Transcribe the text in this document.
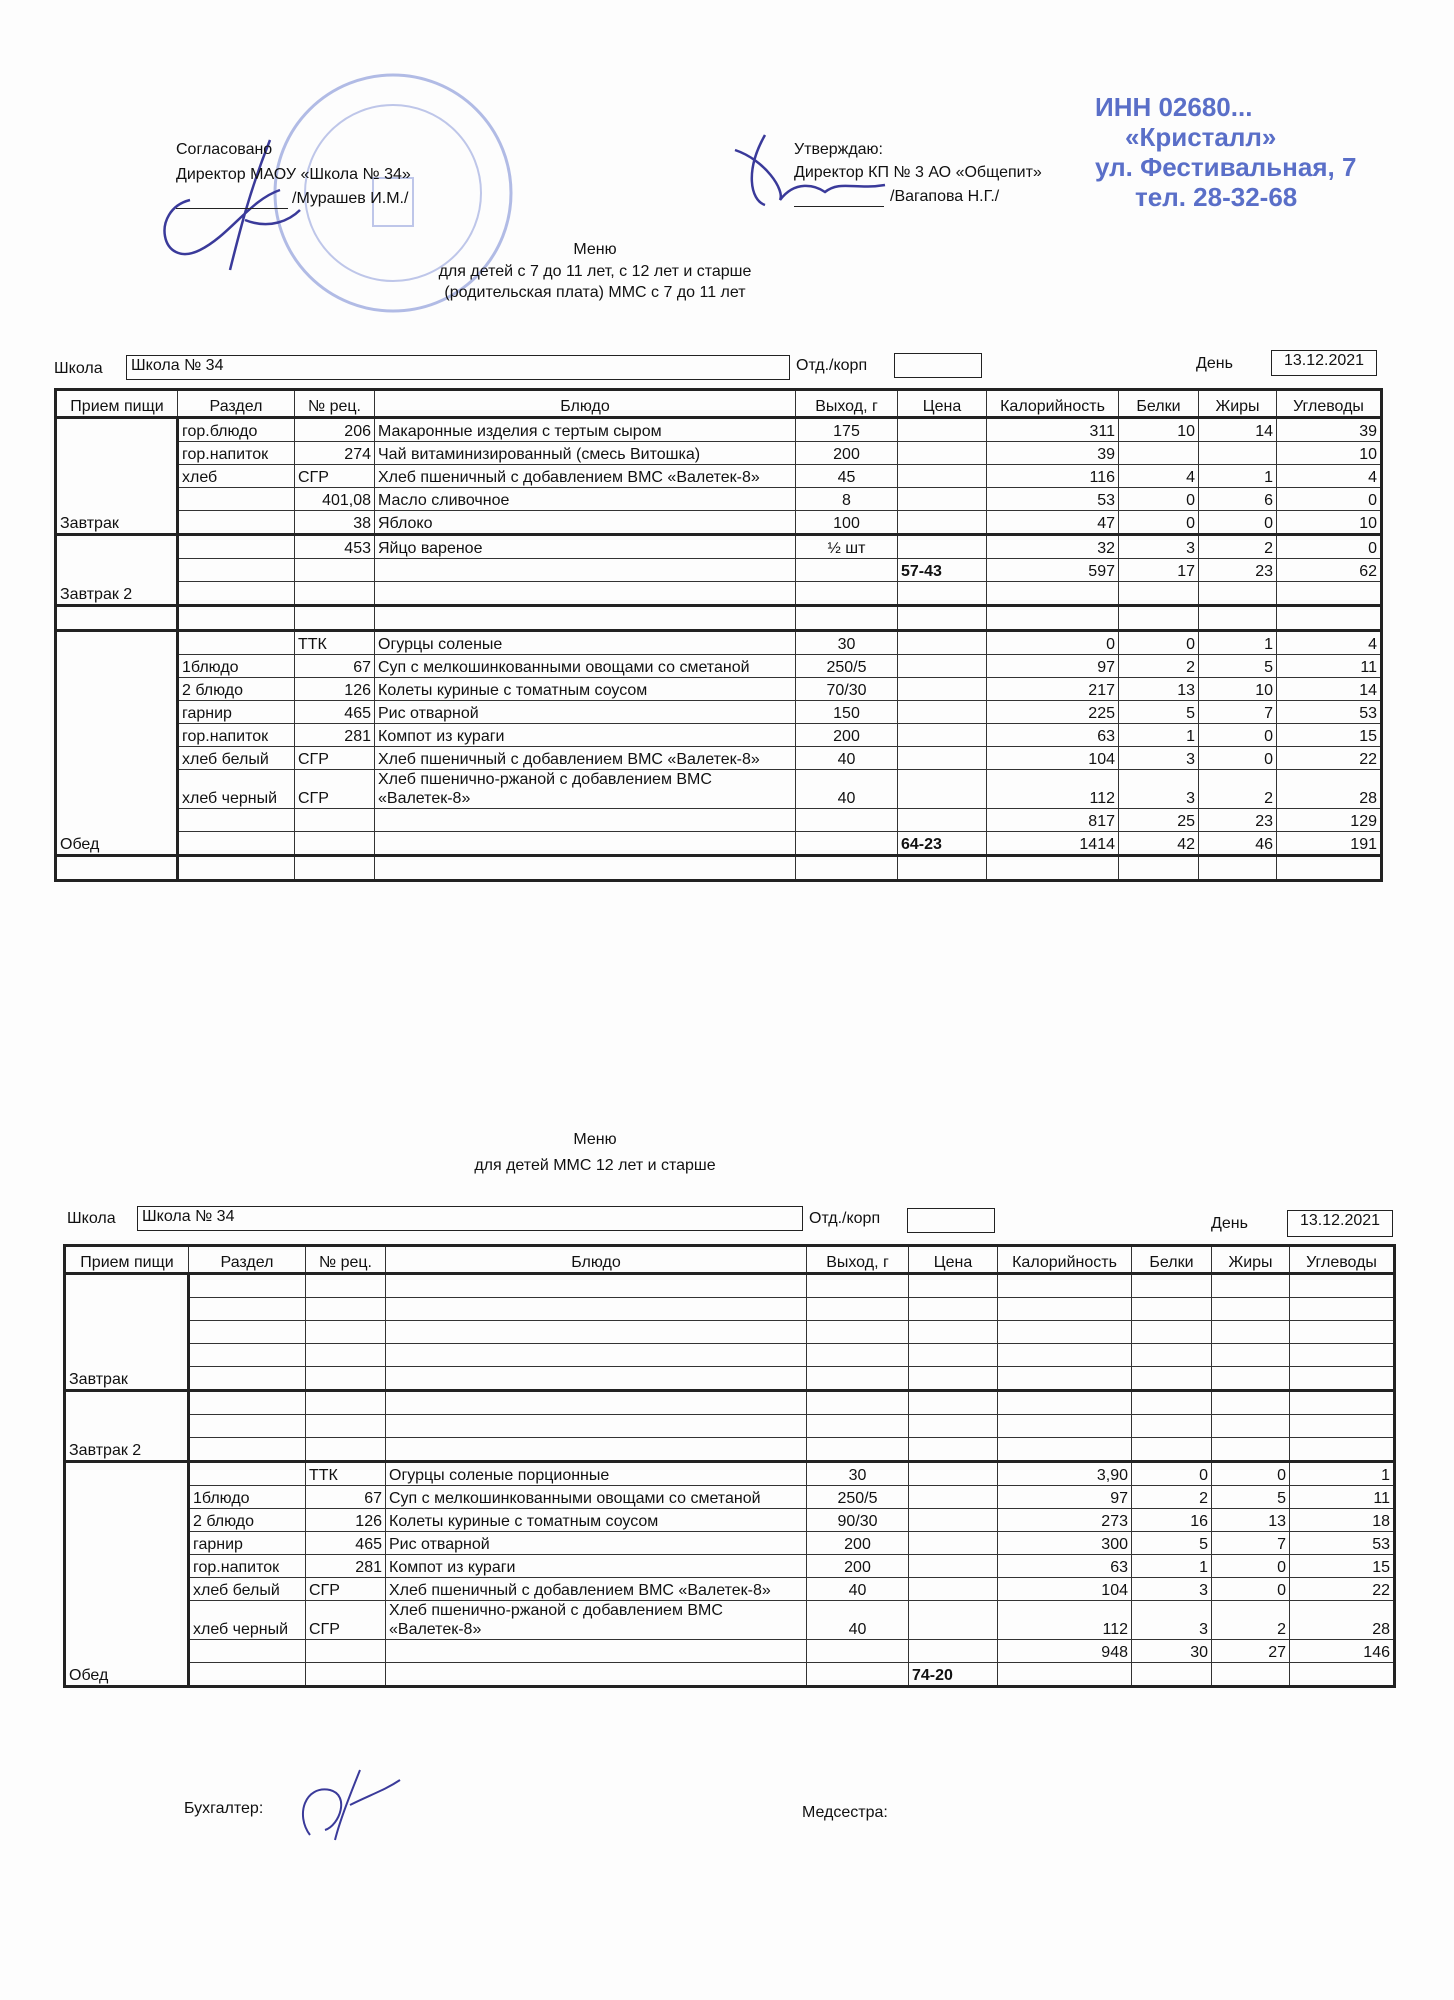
Согласовано
Директор МАОУ «Школа № 34»
/Мурашев И.М./
ИНН 02680...
«Кристалл»
ул. Фестивальная, 7
тел. 28-32-68
Утверждаю:
Директор КП № 3 АО «Общепит»
/Вагапова Н.Г./
Меню
для детей с 7 до 11 лет, с 12 лет и старше
(родительская плата) ММС с 7 до 11 лет
Школа	Школа № 34	Отд./корп	День	13.12.2021
Прием пищи	Раздел	№ рец.	Блюдо	Выход, г	Цена	Калорийность	Белки	Жиры	Углеводы
Завтрак	гор.блюдо	206	Макаронные изделия с тертым сыром	175		311	10	14	39
	гор.напиток	274	Чай витаминизированный (смесь Витошка)	200		39			10
	хлеб	СГР	Хлеб пшеничный с добавлением ВМС «Валетек-8»	45		116	4	1	4
		401,08	Масло сливочное	8		53	0	6	0
		38	Яблоко	100		47	0	0	10
Завтрак 2		453	Яйцо вареное	½ шт		32	3	2	0
					57-43	597	17	23	62

Обед		ТТК	Огурцы соленые	30		0	0	1	4
	1блюдо	67	Суп с мелкошинкованными овощами со сметаной	250/5		97	2	5	11
	2 блюдо	126	Колеты куриные с томатным соусом	70/30		217	13	10	14
	гарнир	465	Рис отварной	150		225	5	7	53
	гор.напиток	281	Компот из кураги	200		63	1	0	15
	хлеб белый	СГР	Хлеб пшеничный с добавлением ВМС «Валетек-8»	40		104	3	0	22
	хлеб черный	СГР	Хлеб пшенично-ржаной с добавлением ВМС «Валетек-8»	40		112	3	2	28
						817	25	23	129
					64-23	1414	42	46	191

Меню
для детей ММС 12 лет и старше
Школа	Школа № 34	Отд./корп	День	13.12.2021
Прием пищи	Раздел	№ рец.	Блюдо	Выход, г	Цена	Калорийность	Белки	Жиры	Углеводы
Завтрак									

Завтрак 2									

Обед		ТТК	Огурцы соленые порционные	30		3,90	0	0	1
	1блюдо	67	Суп с мелкошинкованными овощами со сметаной	250/5		97	2	5	11
	2 блюдо	126	Колеты куриные с томатным соусом	90/30		273	16	13	18
	гарнир	465	Рис отварной	200		300	5	7	53
	гор.напиток	281	Компот из кураги	200		63	1	0	15
	хлеб белый	СГР	Хлеб пшеничный с добавлением ВМС «Валетек-8»	40		104	3	0	22
	хлеб черный	СГР	Хлеб пшенично-ржаной с добавлением ВМС «Валетек-8»	40		112	3	2	28
						948	30	27	146
					74-20				
Бухгалтер:	Медсестра:
